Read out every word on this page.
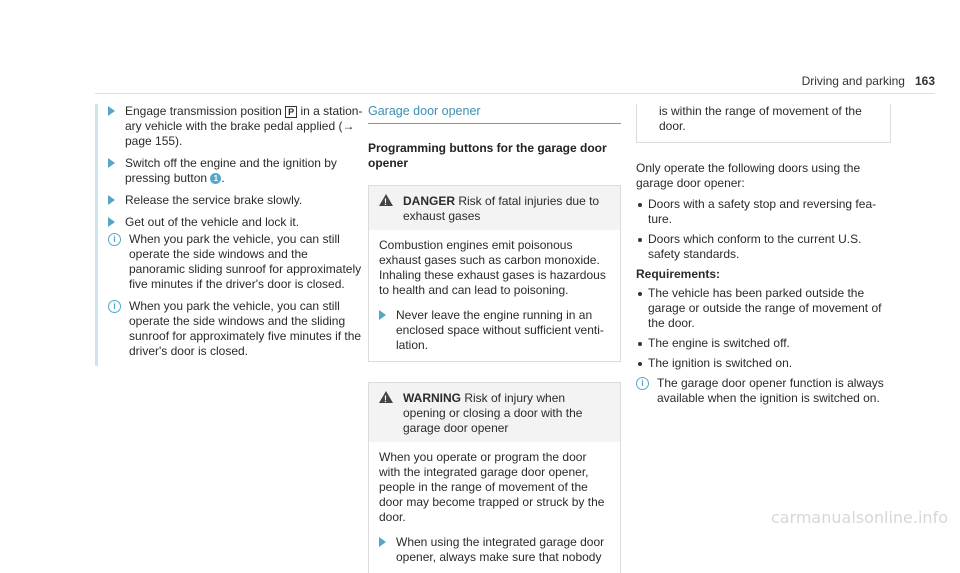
Driving and parking 163
Engage transmission position P in a station- ary vehicle with the brake pedal applied (→ page 155).
Switch off the engine and the ignition by pressing button 1 .
Release the service brake slowly.
Get out of the vehicle and lock it.
i	When you park the vehicle, you can still operate the side windows and the panoramic sliding sunroof for approximately five minutes if the driver's door is closed.
i	When you park the vehicle, you can still operate the side windows and the sliding sunroof for approximately five minutes if the driver's door is closed.
Garage door opener
Programming buttons for the garage door opener
!
DANGER Risk of fatal injuries due to exhaust gases

Combustion engines emit poisonous exhaust gases such as carbon monoxide. Inhaling these exhaust gases is hazardous to health and can lead to poisoning.

Never leave the engine running in an enclosed space without sufficient venti- lation.
!
WARNING Risk of injury when opening or closing a door with the garage door opener

When you operate or program the door with the integrated garage door opener, people in the range of movement of the door may become trapped or struck by the door.

When using the integrated garage door opener, always make sure that nobody
is within the range of movement of the door.

Only operate the following doors using the garage door opener:

Doors with a safety stop and reversing fea- ture.
Doors which conform to the current U.S. safety standards.
Requirements:
The vehicle has been parked outside the garage or outside the range of movement of the door.
The engine is switched off.
The ignition is switched on.
i	The garage door opener function is always available when the ignition is switched on.
carmanualsonline.info
